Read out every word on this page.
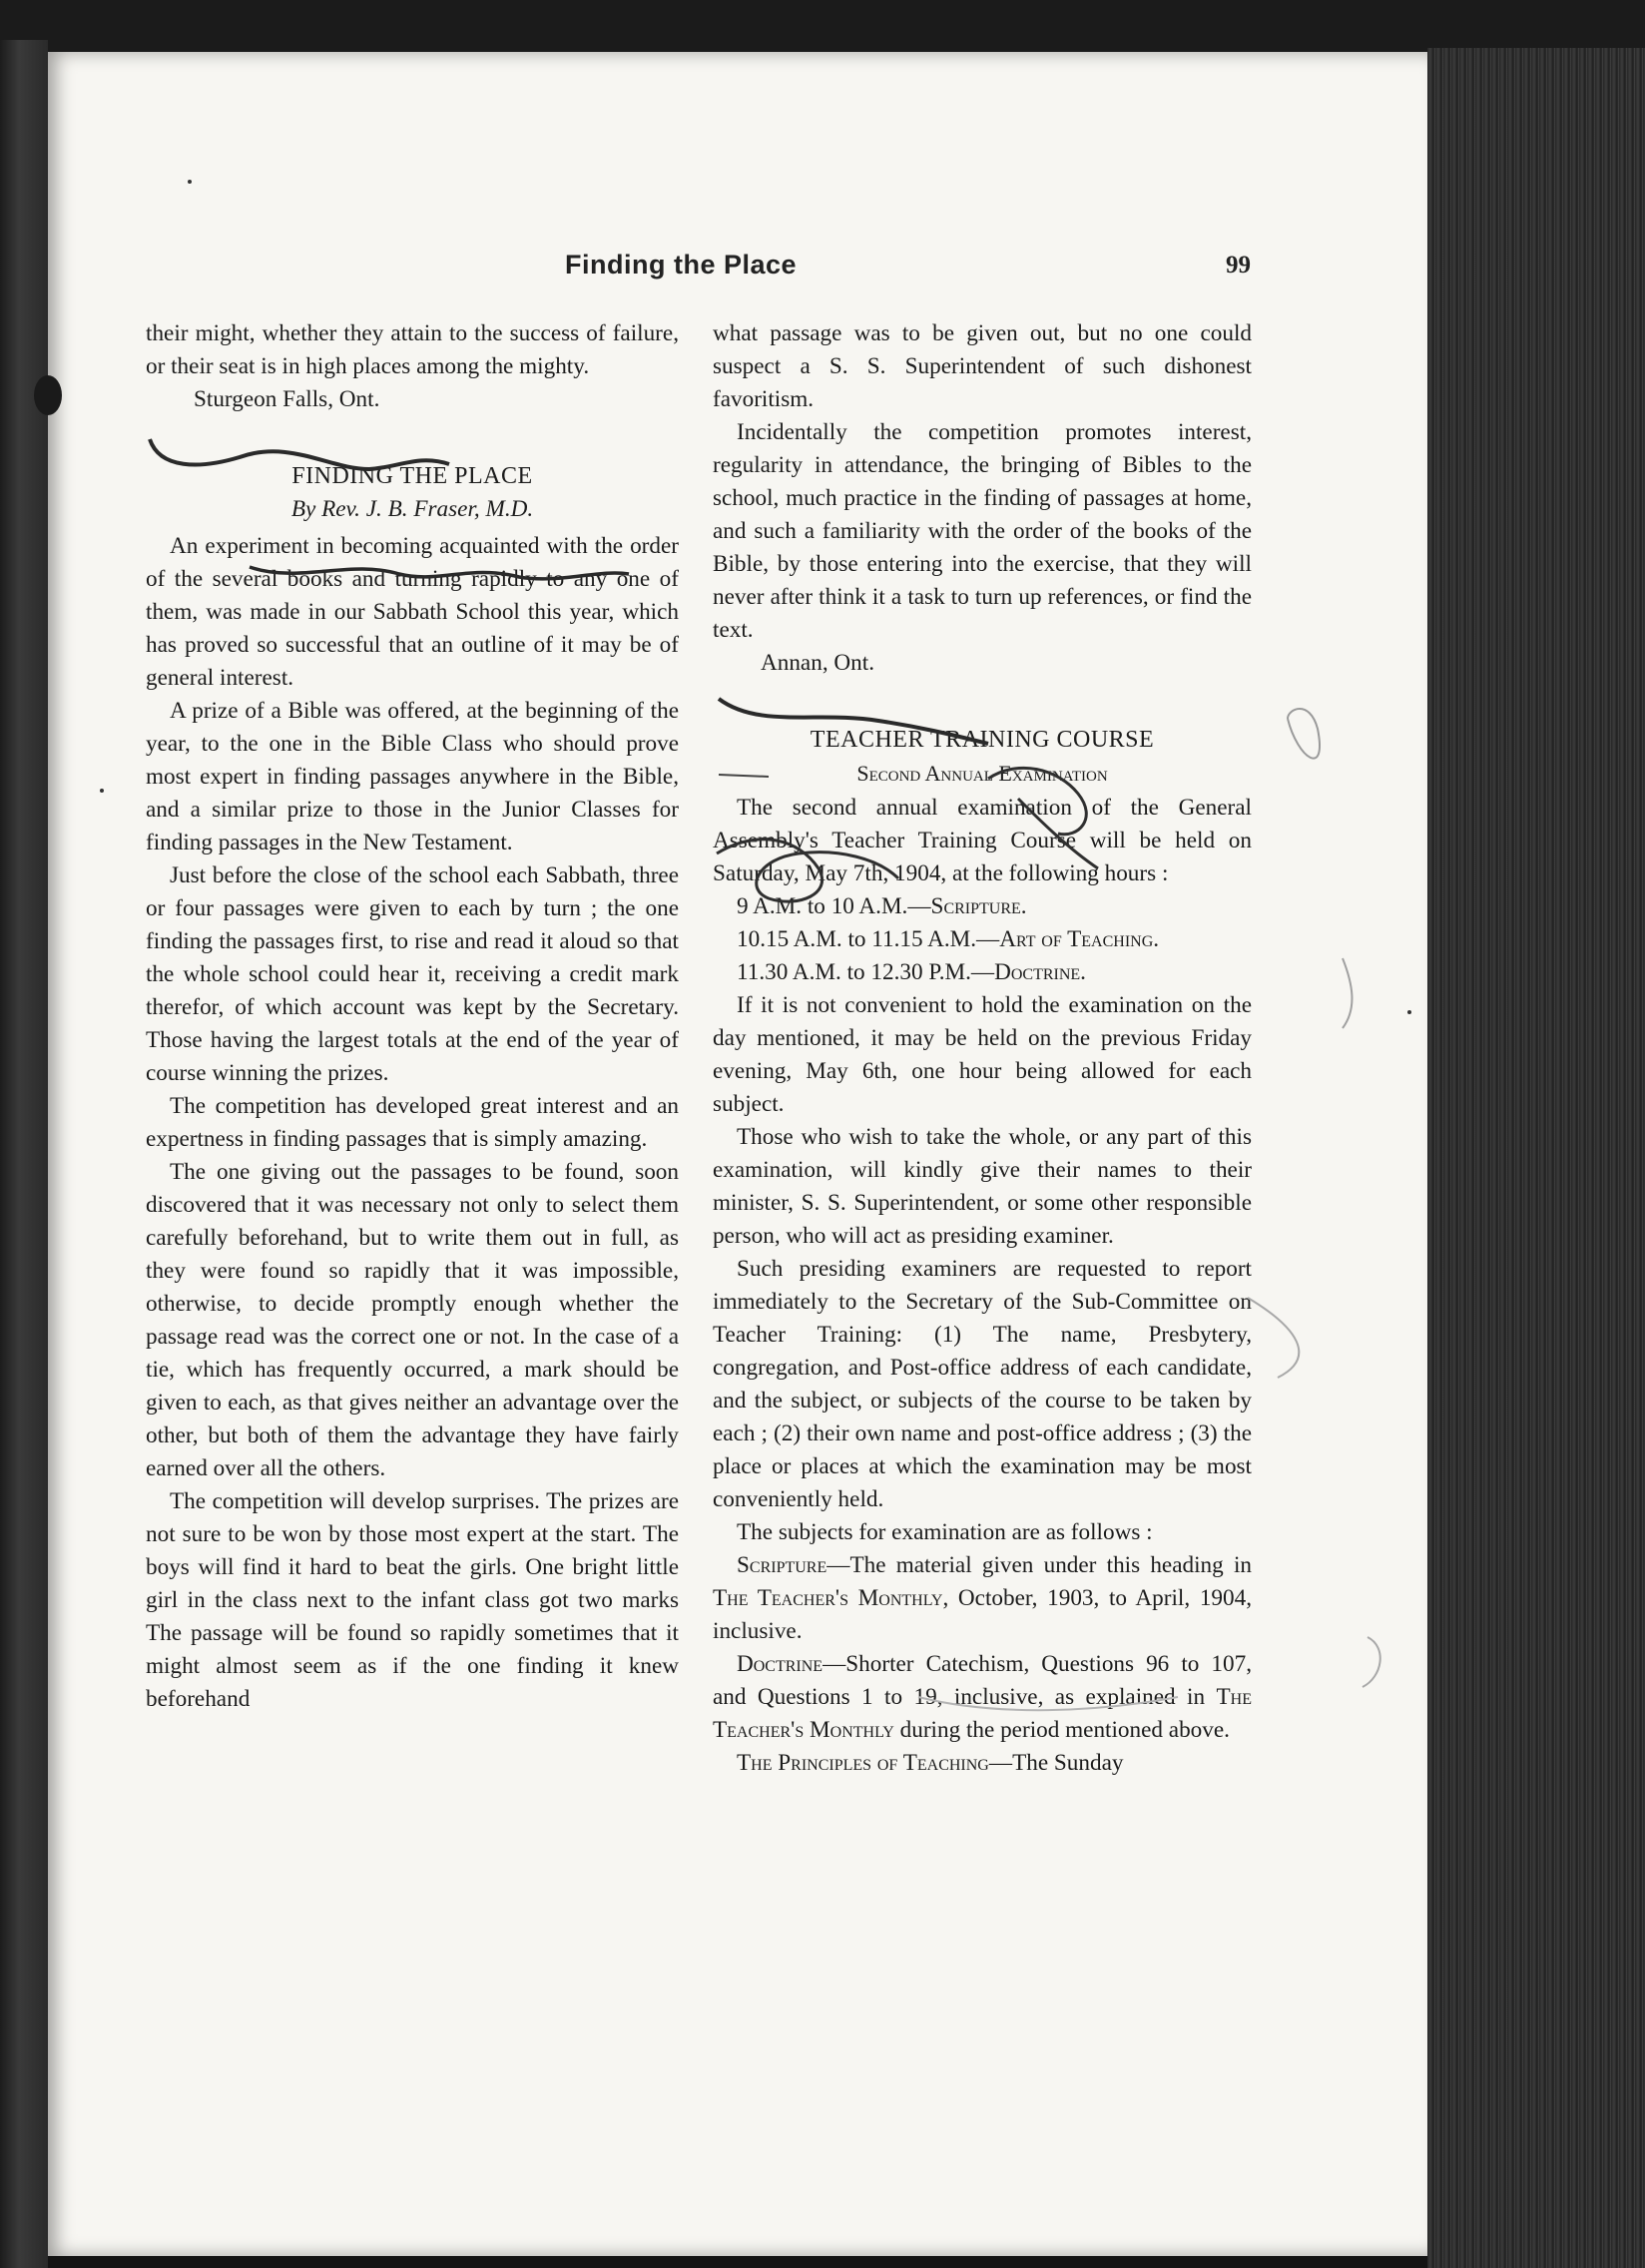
Finding the Place	99

their might, whether they attain to the success of failure, or their seat is in high places among the mighty.

Sturgeon Falls, Ont.

FINDING THE PLACE

By Rev. J. B. Fraser, M.D.

An experiment in becoming acquainted with the order of the several books and turning rapidly to any one of them, was made in our Sabbath School this year, which has proved so successful that an outline of it may be of general interest.

A prize of a Bible was offered, at the beginning of the year, to the one in the Bible Class who should prove most expert in finding passages anywhere in the Bible, and a similar prize to those in the Junior Classes for finding passages in the New Testament.

Just before the close of the school each Sabbath, three or four passages were given to each by turn ; the one finding the passages first, to rise and read it aloud so that the whole school could hear it, receiving a credit mark therefor, of which account was kept by the Secretary. Those having the largest totals at the end of the year of course winning the prizes.

The competition has developed great interest and an expertness in finding passages that is simply amazing.

The one giving out the passages to be found, soon discovered that it was necessary not only to select them carefully beforehand, but to write them out in full, as they were found so rapidly that it was impossible, otherwise, to decide promptly enough whether the passage read was the correct one or not. In the case of a tie, which has frequently occurred, a mark should be given to each, as that gives neither an advantage over the other, but both of them the advantage they have fairly earned over all the others.

The competition will develop surprises. The prizes are not sure to be won by those most expert at the start. The boys will find it hard to beat the girls. One bright little girl in the class next to the infant class got two marks The passage will be found so rapidly sometimes that it might almost seem as if the one finding it knew beforehand

what passage was to be given out, but no one could suspect a S. S. Superintendent of such dishonest favoritism.

Incidentally the competition promotes interest, regularity in attendance, the bringing of Bibles to the school, much practice in the finding of passages at home, and such a familiarity with the order of the books of the Bible, by those entering into the exercise, that they will never after think it a task to turn up references, or find the text.

Annan, Ont.

TEACHER TRAINING COURSE

Second Annual Examination

The second annual examination of the General Assembly's Teacher Training Course will be held on Saturday, May 7th, 1904, at the following hours :

9 A.M. to 10 A.M.—Scripture.

10.15 A.M. to 11.15 A.M.—Art of Teaching.

11.30 A.M. to 12.30 P.M.—Doctrine.

If it is not convenient to hold the examination on the day mentioned, it may be held on the previous Friday evening, May 6th, one hour being allowed for each subject.

Those who wish to take the whole, or any part of this examination, will kindly give their names to their minister, S. S. Superintendent, or some other responsible person, who will act as presiding examiner.

Such presiding examiners are requested to report immediately to the Secretary of the Sub-Committee on Teacher Training: (1) The name, Presbytery, congregation, and Post-office address of each candidate, and the subject, or subjects of the course to be taken by each ; (2) their own name and post-office address ; (3) the place or places at which the examination may be most conveniently held.

The subjects for examination are as follows :

Scripture—The material given under this heading in The Teacher's Monthly, October, 1903, to April, 1904, inclusive.

Doctrine—Shorter Catechism, Questions 96 to 107, and Questions 1 to 19, inclusive, as explained in The Teacher's Monthly during the period mentioned above.

The Principles of Teaching—The Sunday
